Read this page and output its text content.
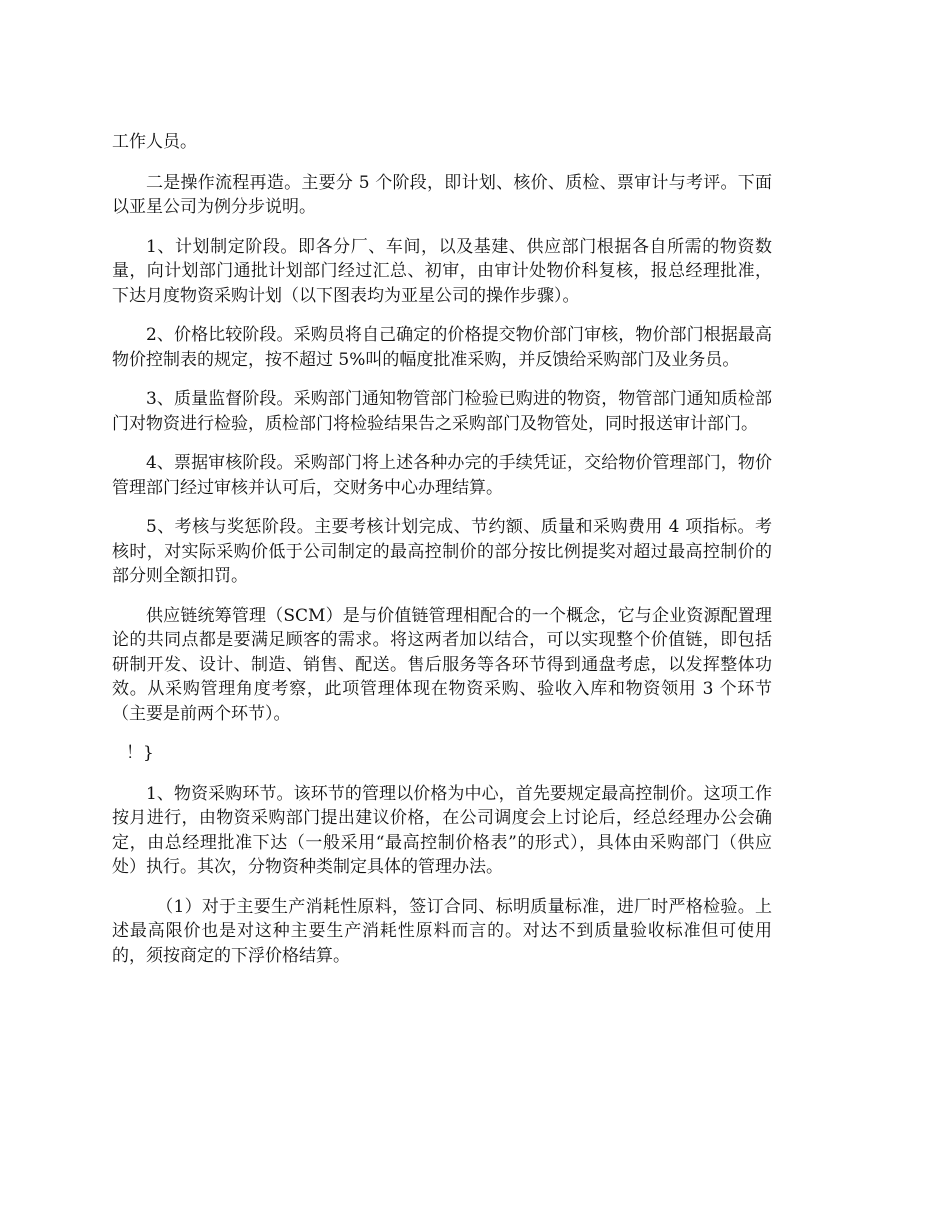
工作人员。

二是操作流程再造。主要分 5 个阶段，即计划、核价、质检、票审计与考评。下面以亚星公司为例分步说明。

1、计划制定阶段。即各分厂、车间，以及基建、供应部门根据各自所需的物资数量，向计划部门通批计划部门经过汇总、初审，由审计处物价科复核，报总经理批准，下达月度物资采购计划（以下图表均为亚星公司的操作步骤）。

2、价格比较阶段。采购员将自己确定的价格提交物价部门审核，物价部门根据最高物价控制表的规定，按不超过 5%叫的幅度批准采购，并反馈给采购部门及业务员。

3、质量监督阶段。采购部门通知物管部门检验已购进的物资，物管部门通知质检部门对物资进行检验，质检部门将检验结果告之采购部门及物管处，同时报送审计部门。

4、票据审核阶段。采购部门将上述各种办完的手续凭证，交给物价管理部门，物价管理部门经过审核并认可后，交财务中心办理结算。

5、考核与奖惩阶段。主要考核计划完成、节约额、质量和采购费用 4 项指标。考核时，对实际采购价低于公司制定的最高控制价的部分按比例提奖对超过最高控制价的部分则全额扣罚。

供应链统筹管理（SCM）是与价值链管理相配合的一个概念，它与企业资源配置理论的共同点都是要满足顾客的需求。将这两者加以结合，可以实现整个价值链，即包括研制开发、设计、制造、销售、配送。售后服务等各环节得到通盘考虑，以发挥整体功效。从采购管理角度考察，此项管理体现在物资采购、验收入库和物资领用 3 个环节（主要是前两个环节）。

！}

1、物资采购环节。该环节的管理以价格为中心，首先要规定最高控制价。这项工作按月进行，由物资采购部门提出建议价格，在公司调度会上讨论后，经总经理办公会确定，由总经理批准下达（一般采用“最高控制价格表”的形式），具体由采购部门（供应处）执行。其次，分物资种类制定具体的管理办法。

（1）对于主要生产消耗性原料，签订合同、标明质量标准，进厂时严格检验。上述最高限价也是对这种主要生产消耗性原料而言的。对达不到质量验收标准但可使用的，须按商定的下浮价格结算。
